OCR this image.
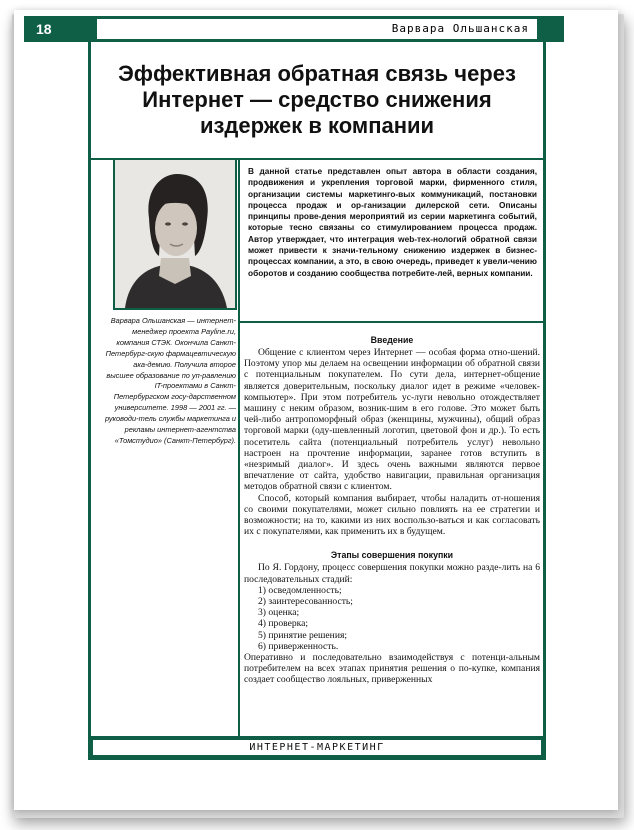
18	Варвара Ольшанская
Эффективная обратная связь через Интернет — средство снижения издержек в компании
Варвара Ольшанская — интернет-менеджер проекта Payline.ru, компания СТЭК. Окончила Санкт-Петербург-скую фармацевтическую ака-демию. Получила второе высшее образование по уп-равлению IT-проектами в Санкт-Петербургском госу-дарственном университете. 1998 — 2001 гг. — руководи-тель службы маркетинга и рекламы интернет-агентства «Томстудио» (Санкт-Петербург).

В данной статье представлен опыт автора в области создания, продвижения и укрепления торговой марки, фирменного стиля, организации системы маркетинго-вых коммуникаций, постановки процесса продаж и ор-ганизации дилерской сети. Описаны принципы прове-дения мероприятий из серии маркетинга событий, которые тесно связаны со стимулированием процесса продаж. Автор утверждает, что интеграция web-тех-нологий обратной связи может привести к значи-тельному снижению издержек в бизнес-процессах компании, а это, в свою очередь, приведет к увели-чению оборотов и созданию сообщества потребите-лей, верных компании.

Введение

Общение с клиентом через Интернет — особая форма отно-шений. Поэтому упор мы делаем на освещении информации об обратной связи с потенциальным покупателем. По сути дела, интернет-общение является доверительным, поскольку диалог идет в режиме «человек-компьютер». При этом потребитель ус-луги невольно отождествляет машину с неким образом, возник-шим в его голове. Это может быть чей-либо антропоморфный образ (женщины, мужчины), общий образ торговой марки (оду-шевленный логотип, цветовой фон и др.). То есть посетитель сайта (потенциальный потребитель услуг) невольно настроен на прочтение информации, заранее готов вступить в «незримый диалог». И здесь очень важными являются первое впечатление от сайта, удобство навигации, правильная организация методов обратной связи с клиентом.

Способ, который компания выбирает, чтобы наладить от-ношения со своими покупателями, может сильно повлиять на ее стратегии и возможности; на то, какими из них воспользо-ваться и как согласовать их с покупателями, как применить их в будущем.

Этапы совершения покупки

По Я. Гордону, процесс совершения покупки можно разде-лить на 6 последовательных стадий:

1) осведомленность;
2) заинтересованность;
3) оценка;
4) проверка;
5) принятие решения;
6) приверженность.

Оперативно и последовательно взаимодействуя с потенци-альным потребителем на всех этапах принятия решения о по-купке, компания создает сообщество лояльных, приверженных

ИНТЕРНЕТ-МАРКЕТИНГ
